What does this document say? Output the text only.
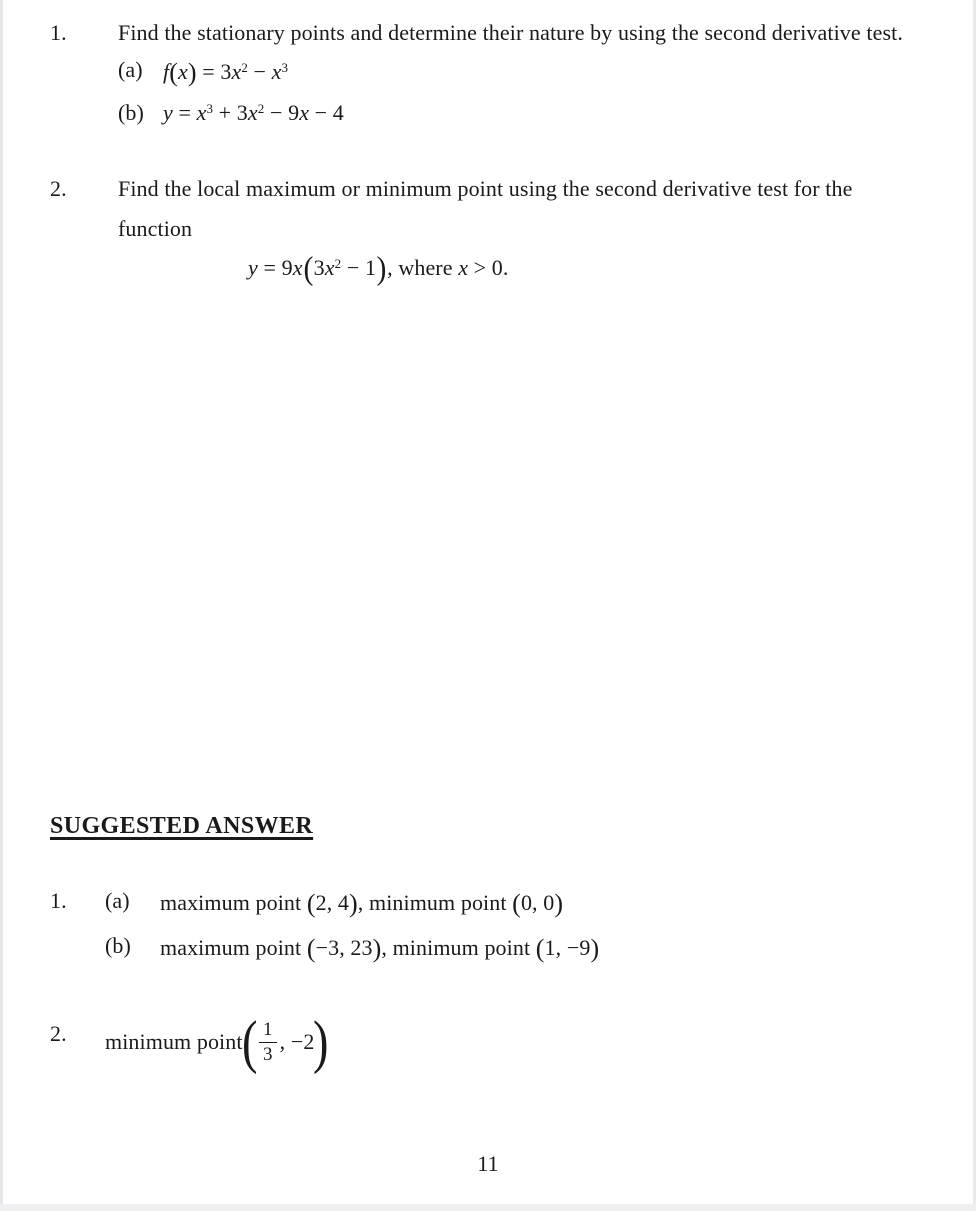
1. Find the stationary points and determine their nature by using the second derivative test.
(a) $f(x) = 3x^2 - x^3$
(b) $y = x^3 + 3x^2 - 9x - 4$
2. Find the local maximum or minimum point using the second derivative test for the
function
$y = 9x(3x^2 - 1)$, where x > 0.
SUGGESTED ANSWER
1. (a) maximum point (2, 4), minimum point (0, 0)
(b) maximum point (−3, 23), minimum point (1, −9)
2. minimum point
( $\frac{1}{3}$ , −2
)
11
